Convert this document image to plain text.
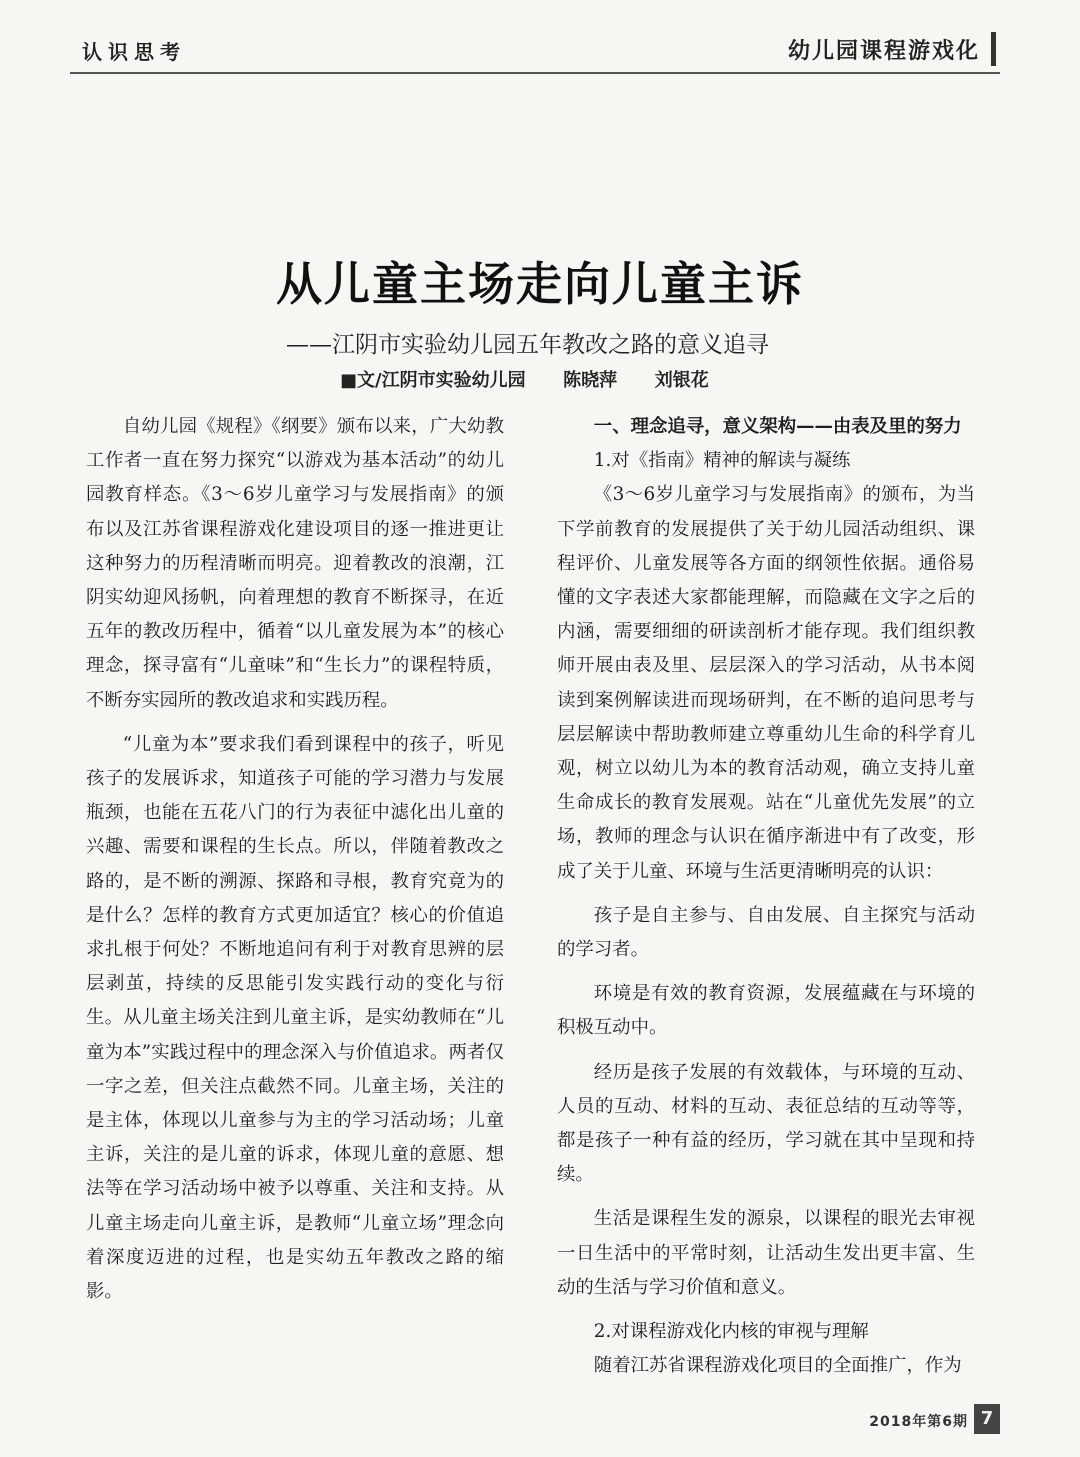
认识思考	幼儿园课程游戏化
从儿童主场走向儿童主诉
——江阴市实验幼儿园五年教改之路的意义追寻
■文/江阴市实验幼儿园      陈晓萍      刘银花

自幼儿园《规程》《纲要》颁布以来，广大幼教工作者一直在努力探究“以游戏为基本活动”的幼儿园教育样态。《3～6岁儿童学习与发展指南》的颁布以及江苏省课程游戏化建设项目的逐一推进更让这种努力的历程清晰而明亮。迎着教改的浪潮，江阴实幼迎风扬帆，向着理想的教育不断探寻，在近五年的教改历程中，循着“以儿童发展为本”的核心理念，探寻富有“儿童味”和“生长力”的课程特质，不断夯实园所的教改追求和实践历程。

“儿童为本”要求我们看到课程中的孩子，听见孩子的发展诉求，知道孩子可能的学习潜力与发展瓶颈，也能在五花八门的行为表征中滤化出儿童的兴趣、需要和课程的生长点。所以，伴随着教改之路的，是不断的溯源、探路和寻根，教育究竟为的是什么？怎样的教育方式更加适宜？核心的价值追求扎根于何处？不断地追问有利于对教育思辨的层层剥茧，持续的反思能引发实践行动的变化与衍生。从儿童主场关注到儿童主诉，是实幼教师在“儿童为本”实践过程中的理念深入与价值追求。两者仅一字之差，但关注点截然不同。儿童主场，关注的是主体，体现以儿童参与为主的学习活动场；儿童主诉，关注的是儿童的诉求，体现儿童的意愿、想法等在学习活动场中被予以尊重、关注和支持。从儿童主场走向儿童主诉，是教师“儿童立场”理念向着深度迈进的过程，也是实幼五年教改之路的缩影。

一、理念追寻，意义架构——由表及里的努力
1.对《指南》精神的解读与凝练

《3～6岁儿童学习与发展指南》的颁布，为当下学前教育的发展提供了关于幼儿园活动组织、课程评价、儿童发展等各方面的纲领性依据。通俗易懂的文字表述大家都能理解，而隐藏在文字之后的内涵，需要细细的研读剖析才能存现。我们组织教师开展由表及里、层层深入的学习活动，从书本阅读到案例解读进而现场研判，在不断的追问思考与层层解读中帮助教师建立尊重幼儿生命的科学育儿观，树立以幼儿为本的教育活动观，确立支持儿童生命成长的教育发展观。站在“儿童优先发展”的立场，教师的理念与认识在循序渐进中有了改变，形成了关于儿童、环境与生活更清晰明亮的认识：

孩子是自主参与、自由发展、自主探究与活动的学习者。

环境是有效的教育资源，发展蕴藏在与环境的积极互动中。

经历是孩子发展的有效载体，与环境的互动、人员的互动、材料的互动、表征总结的互动等等，都是孩子一种有益的经历，学习就在其中呈现和持续。

生活是课程生发的源泉，以课程的眼光去审视一日生活中的平常时刻，让活动生发出更丰富、生动的生活与学习价值和意义。

2.对课程游戏化内核的审视与理解

随着江苏省课程游戏化项目的全面推广，作为

2018年第6期 7
